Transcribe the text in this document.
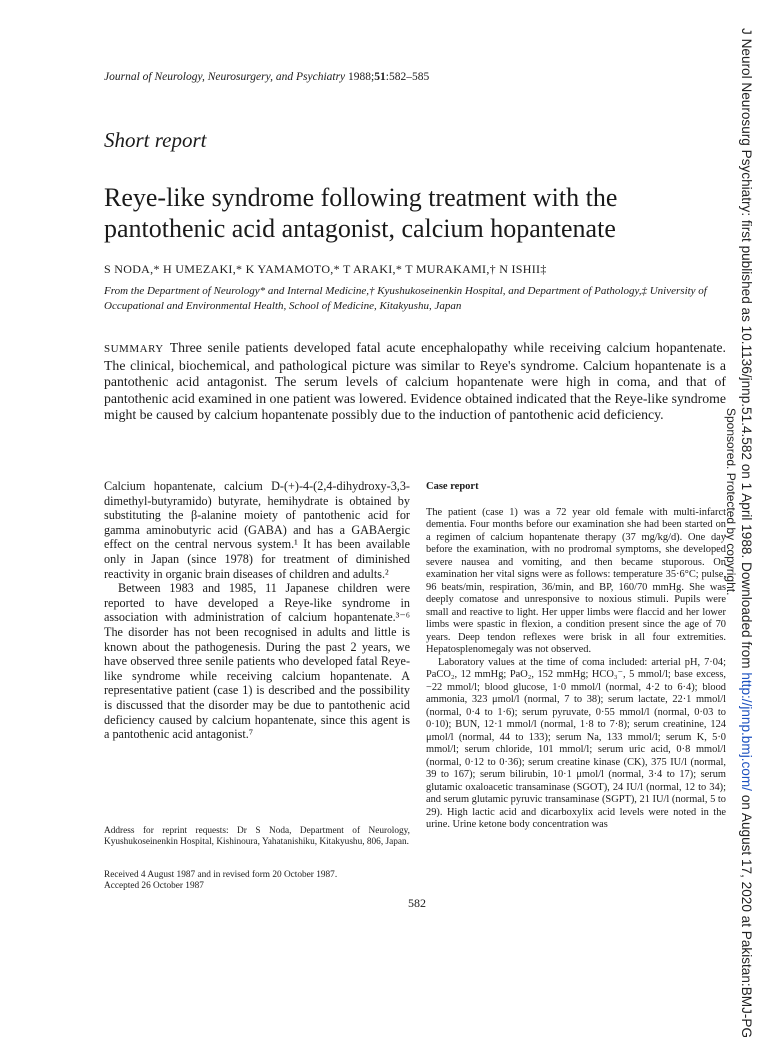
Journal of Neurology, Neurosurgery, and Psychiatry 1988;51:582–585
Short report
Reye-like syndrome following treatment with the pantothenic acid antagonist, calcium hopantenate
S NODA,* H UMEZAKI,* K YAMAMOTO,* T ARAKI,* T MURAKAMI,† N ISHII‡
From the Department of Neurology* and Internal Medicine,† Kyushukoseinenkin Hospital, and Department of Pathology,‡ University of Occupational and Environmental Health, School of Medicine, Kitakyushu, Japan
SUMMARY Three senile patients developed fatal acute encephalopathy while receiving calcium hopantenate. The clinical, biochemical, and pathological picture was similar to Reye's syndrome. Calcium hopantenate is a pantothenic acid antagonist. The serum levels of calcium hopantenate were high in coma, and that of pantothenic acid examined in one patient was lowered. Evidence obtained indicated that the Reye-like syndrome might be caused by calcium hopantenate possibly due to the induction of pantothenic acid deficiency.

Calcium hopantenate, calcium D-(+)-4-(2,4-dihydroxy-3,3-dimethyl-butyramido) butyrate, hemihydrate is obtained by substituting the β-alanine moiety of pantothenic acid for gamma aminobutyric acid (GABA) and has a GABAergic effect on the central nervous system.¹ It has been available only in Japan (since 1978) for treatment of diminished reactivity in organic brain diseases of children and adults.²

Between 1983 and 1985, 11 Japanese children were reported to have developed a Reye-like syndrome in association with administration of calcium hopantenate.³⁻⁶ The disorder has not been recognised in adults and little is known about the pathogenesis. During the past 2 years, we have observed three senile patients who developed fatal Reye-like syndrome while receiving calcium hopantenate. A representative patient (case 1) is described and the possibility is discussed that the disorder may be due to pantothenic acid deficiency caused by calcium hopantenate, since this agent is a pantothenic acid antagonist.⁷

Address for reprint requests: Dr S Noda, Department of Neurology, Kyushukoseinenkin Hospital, Kishinoura, Yahatanishiku, Kitakyushu, 806, Japan.
Received 4 August 1987 and in revised form 20 October 1987.
Accepted 26 October 1987
Case report

The patient (case 1) was a 72 year old female with multi-infarct dementia. Four months before our examination she had been started on a regimen of calcium hopantenate therapy (37 mg/kg/d). One day before the examination, with no prodromal symptoms, she developed severe nausea and vomiting, and then became stuporous. On examination her vital signs were as follows: temperature 35·6°C; pulse, 96 beats/min, respiration, 36/min, and BP, 160/70 mmHg. She was deeply comatose and unresponsive to noxious stimuli. Pupils were small and reactive to light. Her upper limbs were flaccid and her lower limbs were spastic in flexion, a condition present since the age of 70 years. Deep tendon reflexes were brisk in all four extremities. Hepatosplenomegaly was not observed.

Laboratory values at the time of coma included: arterial pH, 7·04; PaCO₂, 12 mmHg; PaO₂, 152 mmHg; HCO₃⁻, 5 mmol/l; base excess, −22 mmol/l; blood glucose, 1·0 mmol/l (normal, 4·2 to 6·4); blood ammonia, 323 μmol/l (normal, 7 to 38); serum lactate, 22·1 mmol/l (normal, 0·4 to 1·6); serum pyruvate, 0·55 mmol/l (normal, 0·03 to 0·10); BUN, 12·1 mmol/l (normal, 1·8 to 7·8); serum creatinine, 124 μmol/l (normal, 44 to 133); serum Na, 133 mmol/l; serum K, 5·0 mmol/l; serum chloride, 101 mmol/l; serum uric acid, 0·8 mmol/l (normal, 0·12 to 0·36); serum creatine kinase (CK), 375 IU/l (normal, 39 to 167); serum bilirubin, 10·1 μmol/l (normal, 3·4 to 17); serum glutamic oxaloacetic transaminase (SGOT), 24 IU/l (normal, 12 to 34); and serum glutamic pyruvic transaminase (SGPT), 21 IU/l (normal, 5 to 29). High lactic acid and dicarboxylix acid levels were noted in the urine. Urine ketone body concentration was

582
J Neurol Neurosurg Psychiatry: first published as 10.1136/jnnp.51.4.582 on 1 April 1988. Downloaded from http://jnnp.bmj.com/ on August 17, 2020 at Pakistan:BMJ-PG
Sponsored. Protected by copyright.
